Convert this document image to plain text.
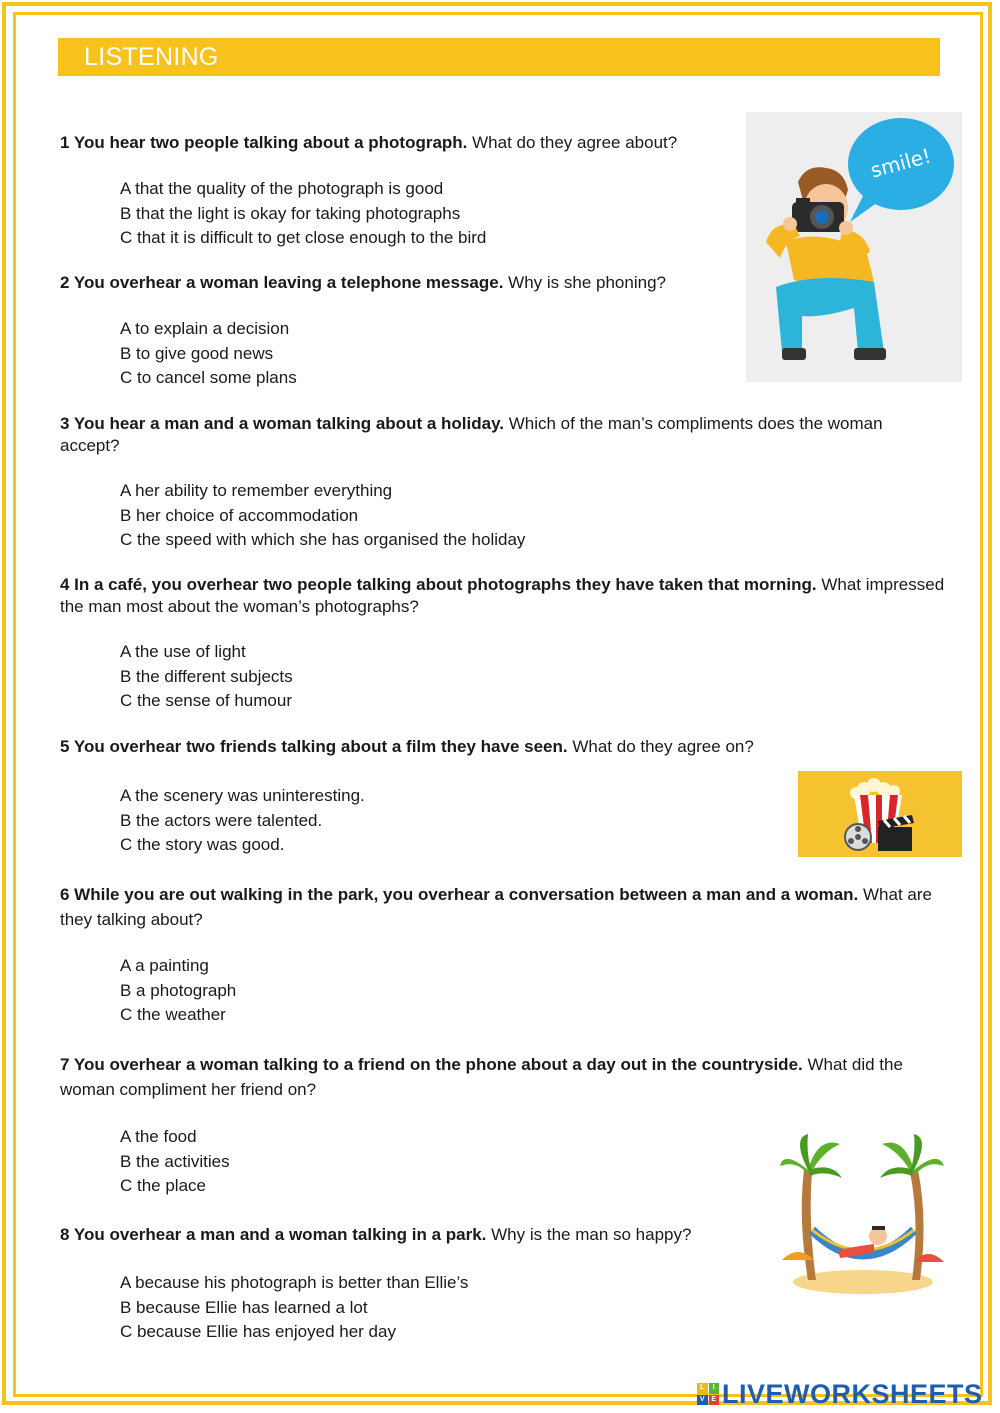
LISTENING
1 You hear two people talking about a photograph. What do they agree about?
A that the quality of the photograph is good
B that the light is okay for taking photographs
C that it is difficult to get close enough to the bird
2 You overhear a woman leaving a telephone message. Why is she phoning?
A to explain a decision
B to give good news
C to cancel some plans
3 You hear a man and a woman talking about a holiday. Which of the man’s compliments does the woman accept?
A her ability to remember everything
B her choice of accommodation
C the speed with which she has organised the holiday
4 In a café, you overhear two people talking about photographs they have taken that morning. What impressed the man most about the woman’s photographs?
A the use of light
B the different subjects
C the sense of humour
5 You overhear two friends talking about a film they have seen. What do they agree on?
A the scenery was uninteresting.
B the actors were talented.
C the story was good.
6 While you are out walking in the park, you overhear a conversation between a man and a woman. What are they talking about?
A a painting
B a photograph
C the weather
7 You overhear a woman talking to a friend on the phone about a day out in the countryside. What did the woman compliment her friend on?
A the food
B the activities
C the place
8 You overhear a man and a woman talking in a park. Why is the man so happy?
A because his photograph is better than Ellie’s
B because Ellie has learned a lot
C because Ellie has enjoyed her day
smile!
L	I
V E LIVEWORKSHEETS
